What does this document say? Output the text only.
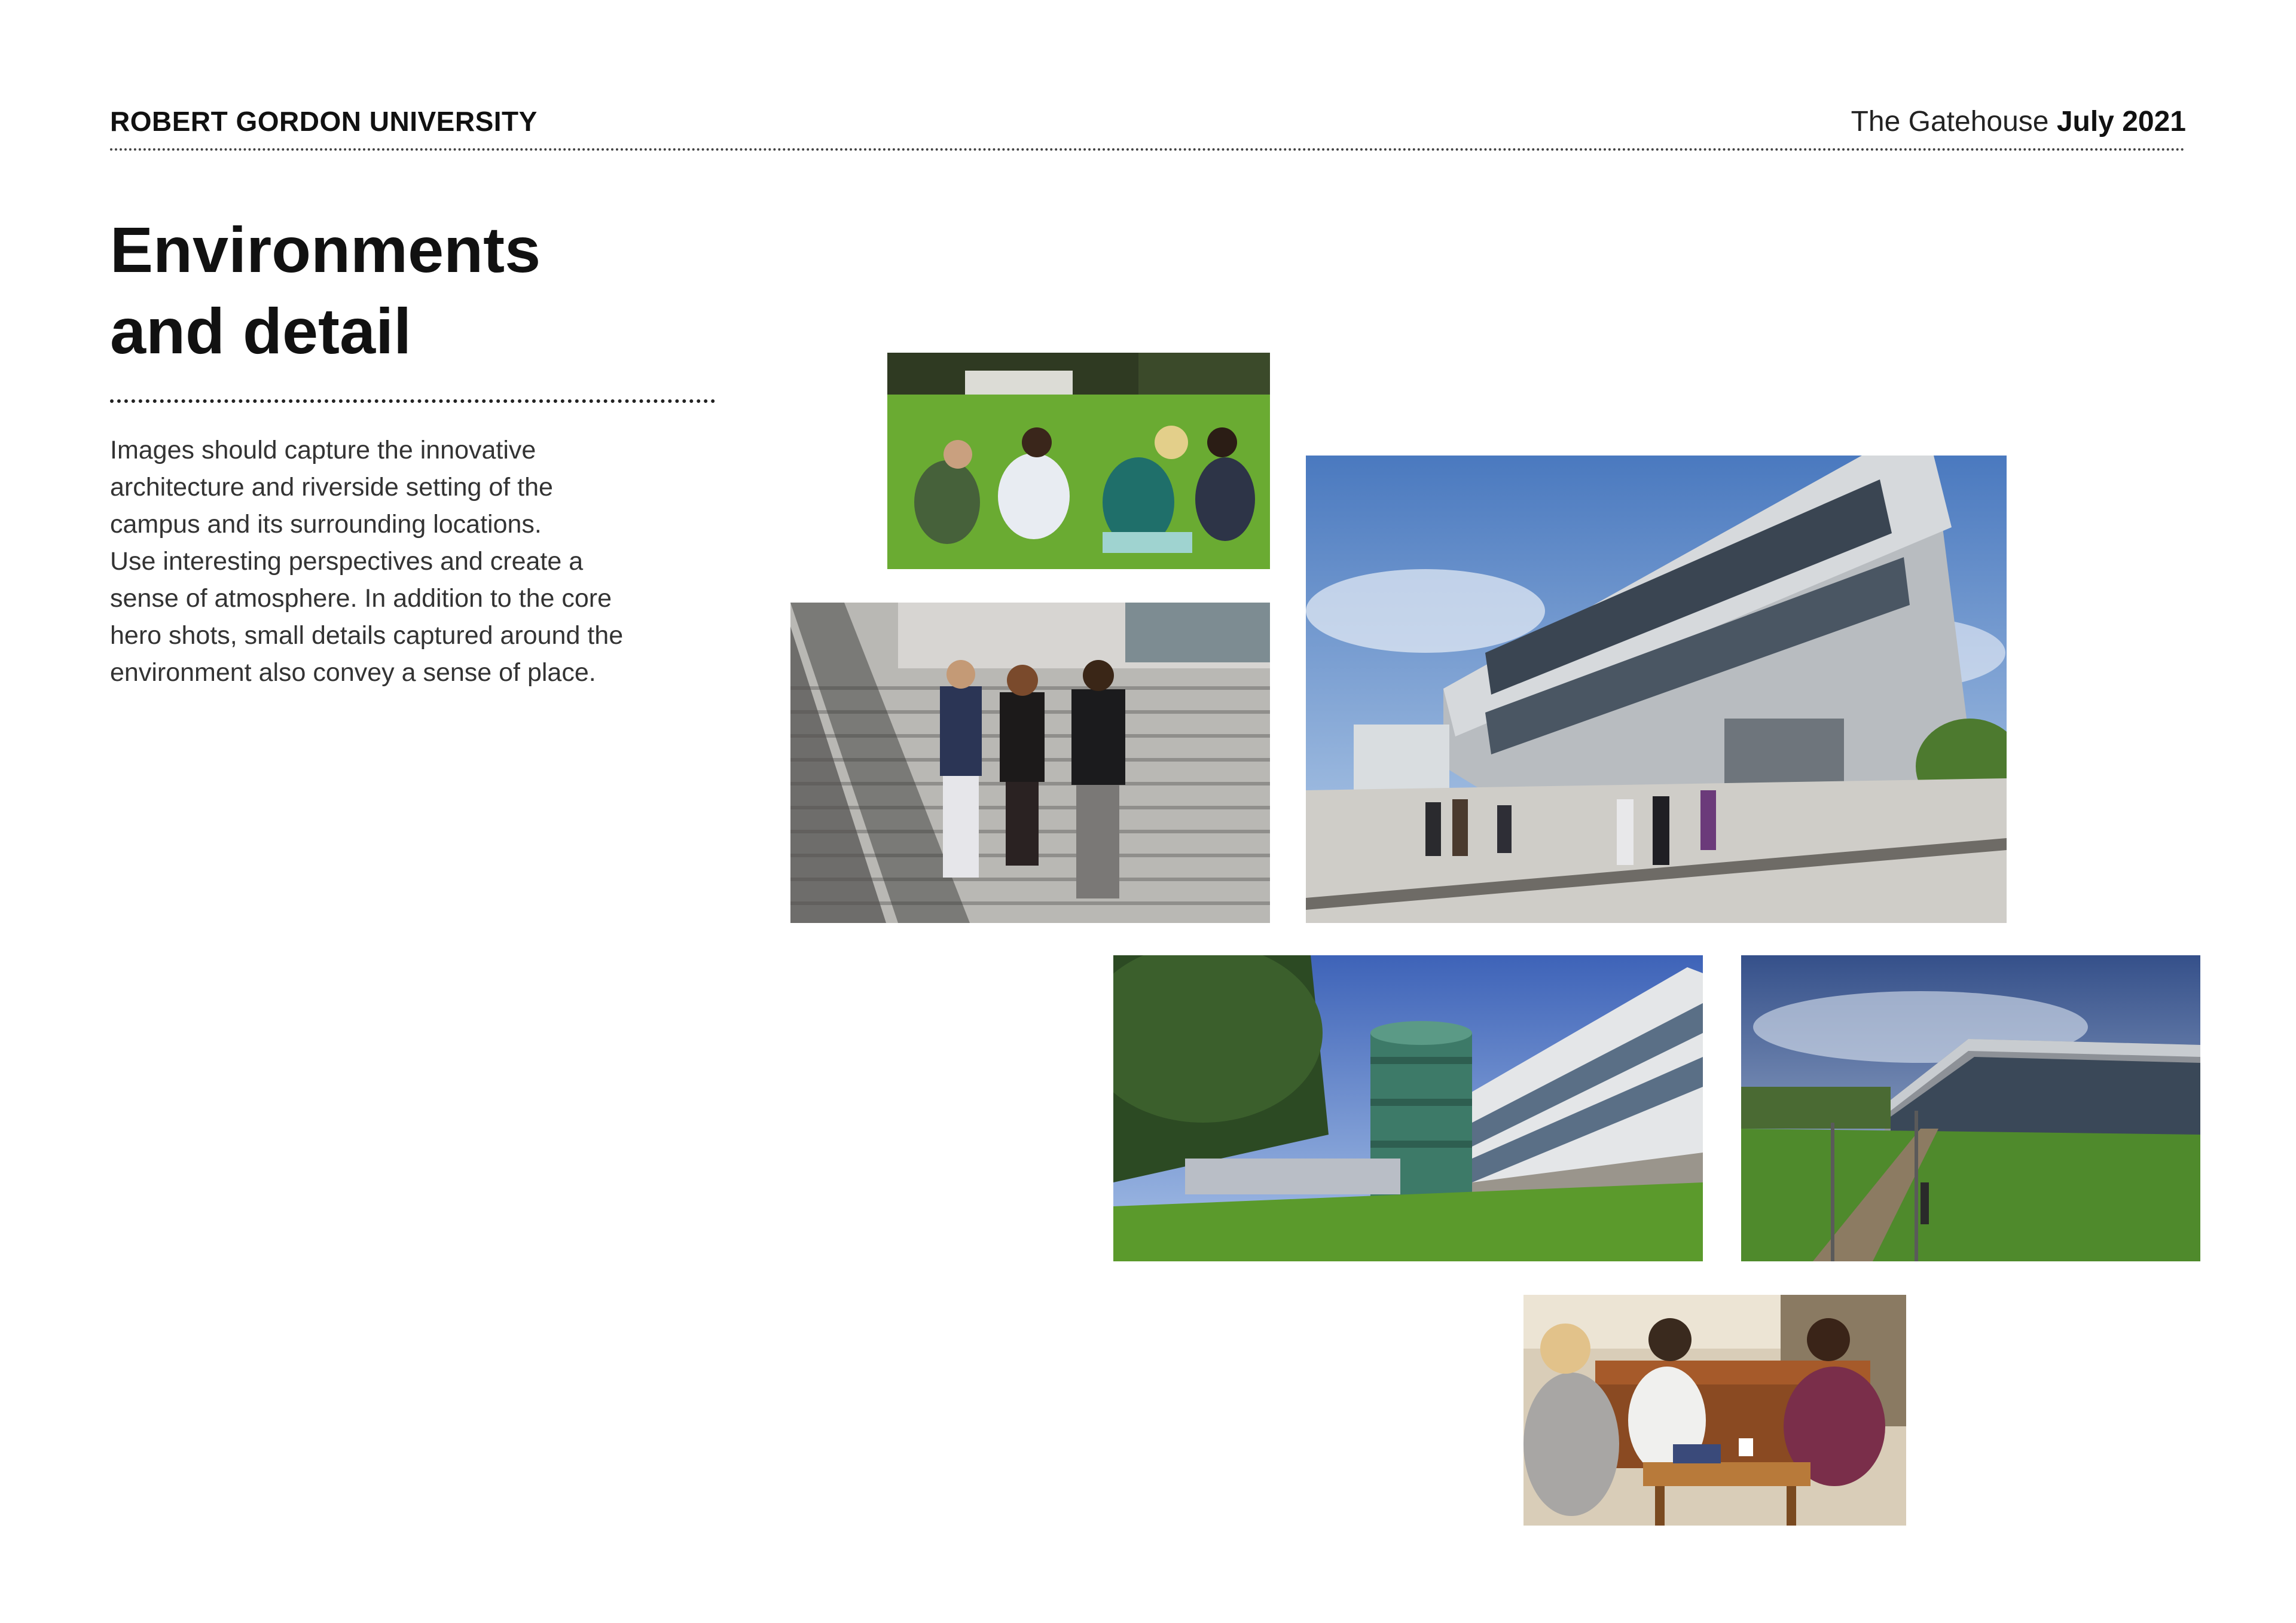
ROBERT GORDON UNIVERSITY	The Gatehouse July 2021
Environments
and detail
Images should capture the innovative
architecture and riverside setting of the
campus and its surrounding locations.
Use interesting perspectives and create a
sense of atmosphere. In addition to the core
hero shots, small details captured around the
environment also convey a sense of place.
